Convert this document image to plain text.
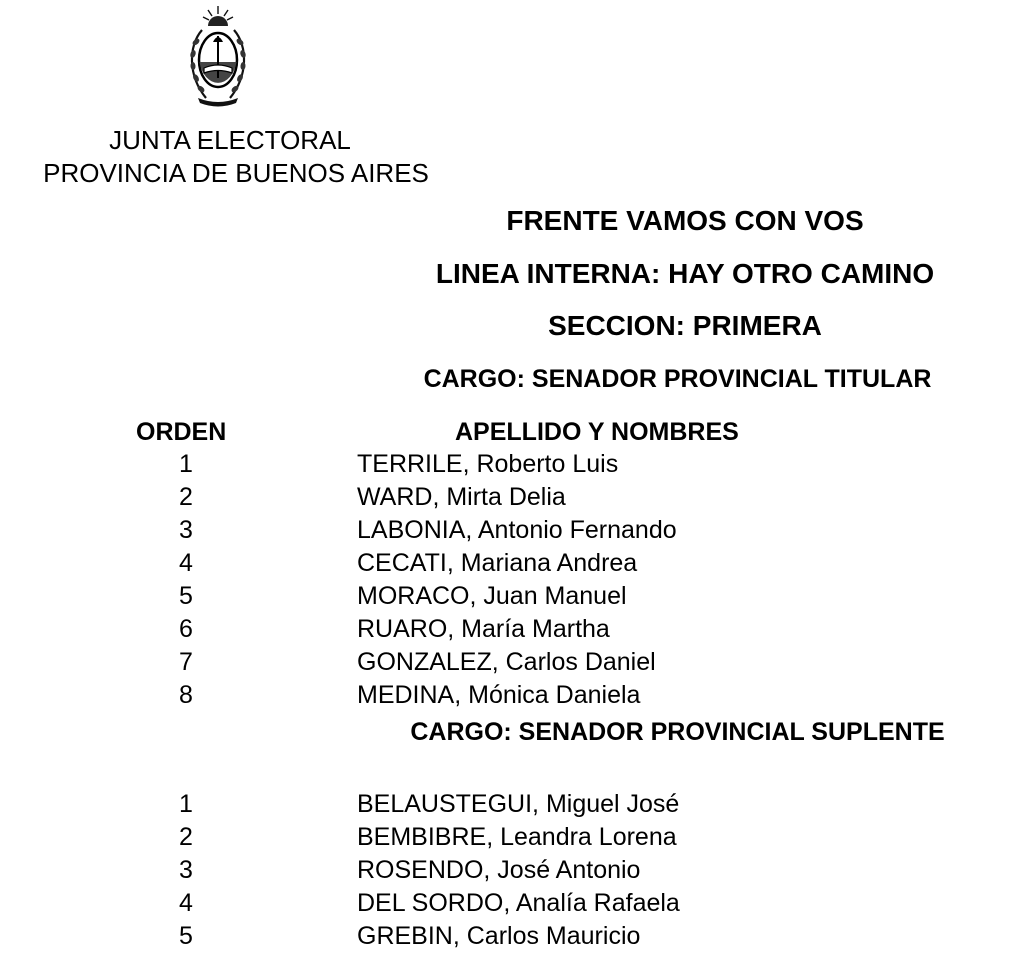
JUNTA ELECTORAL
PROVINCIA DE BUENOS AIRES
FRENTE VAMOS CON VOS
LINEA INTERNA: HAY OTRO CAMINO
SECCION: PRIMERA
CARGO: SENADOR PROVINCIAL TITULAR
ORDEN	APELLIDO Y NOMBRES
1	TERRILE, Roberto Luis
2	WARD, Mirta Delia
3	LABONIA, Antonio Fernando
4	CECATI, Mariana Andrea
5	MORACO, Juan Manuel
6	RUARO, María Martha
7	GONZALEZ, Carlos Daniel
8	MEDINA, Mónica Daniela
CARGO: SENADOR PROVINCIAL SUPLENTE
1	BELAUSTEGUI, Miguel José
2	BEMBIBRE, Leandra Lorena
3	ROSENDO, José Antonio
4	DEL SORDO, Analía Rafaela
5	GREBIN, Carlos Mauricio
